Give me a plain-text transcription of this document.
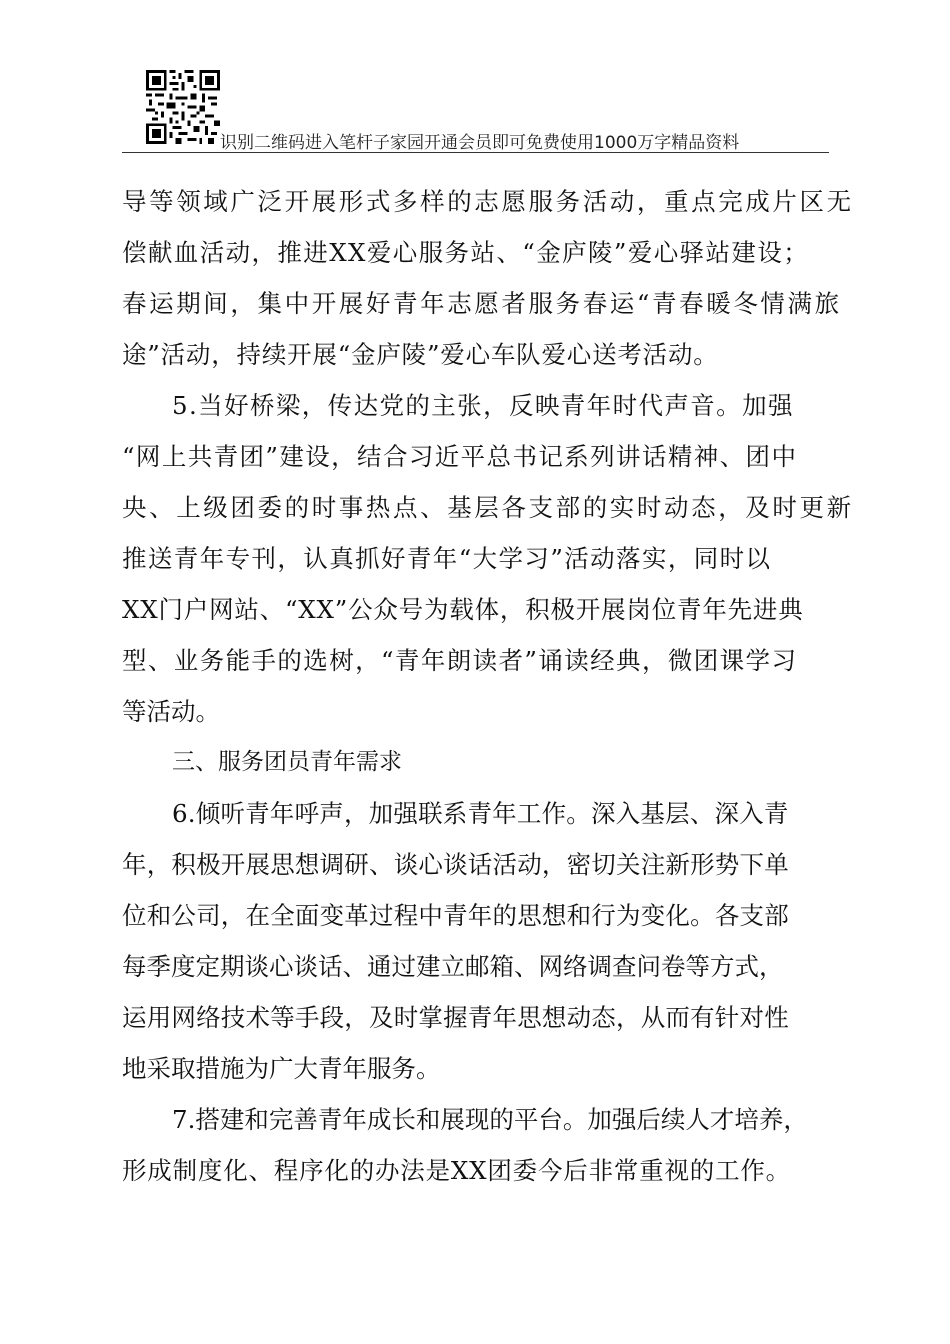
识别二维码进入笔杆子家园开通会员即可免费使用1000万字精品资料
导等领域广泛开展形式多样的志愿服务活动，重点完成片区无
偿献血活动，推进XX爱心服务站、“金庐陵”爱心驿站建设；
春运期间，集中开展好青年志愿者服务春运“青春暖冬情满旅
途”活动，持续开展“金庐陵”爱心车队爱心送考活动。
5.当好桥梁，传达党的主张，反映青年时代声音。加强
“网上共青团”建设，结合习近平总书记系列讲话精神、团中
央、上级团委的时事热点、基层各支部的实时动态，及时更新
推送青年专刊，认真抓好青年“大学习”活动落实，同时以
XX门户网站、“XX”公众号为载体，积极开展岗位青年先进典
型、业务能手的选树，“青年朗读者”诵读经典，微团课学习
等活动。
三、服务团员青年需求
6.倾听青年呼声，加强联系青年工作。深入基层、深入青
年，积极开展思想调研、谈心谈话活动，密切关注新形势下单
位和公司，在全面变革过程中青年的思想和行为变化。各支部
每季度定期谈心谈话、通过建立邮箱、网络调查问卷等方式，
运用网络技术等手段，及时掌握青年思想动态，从而有针对性
地采取措施为广大青年服务。
7.搭建和完善青年成长和展现的平台。加强后续人才培养，
形成制度化、程序化的办法是XX团委今后非常重视的工作。
